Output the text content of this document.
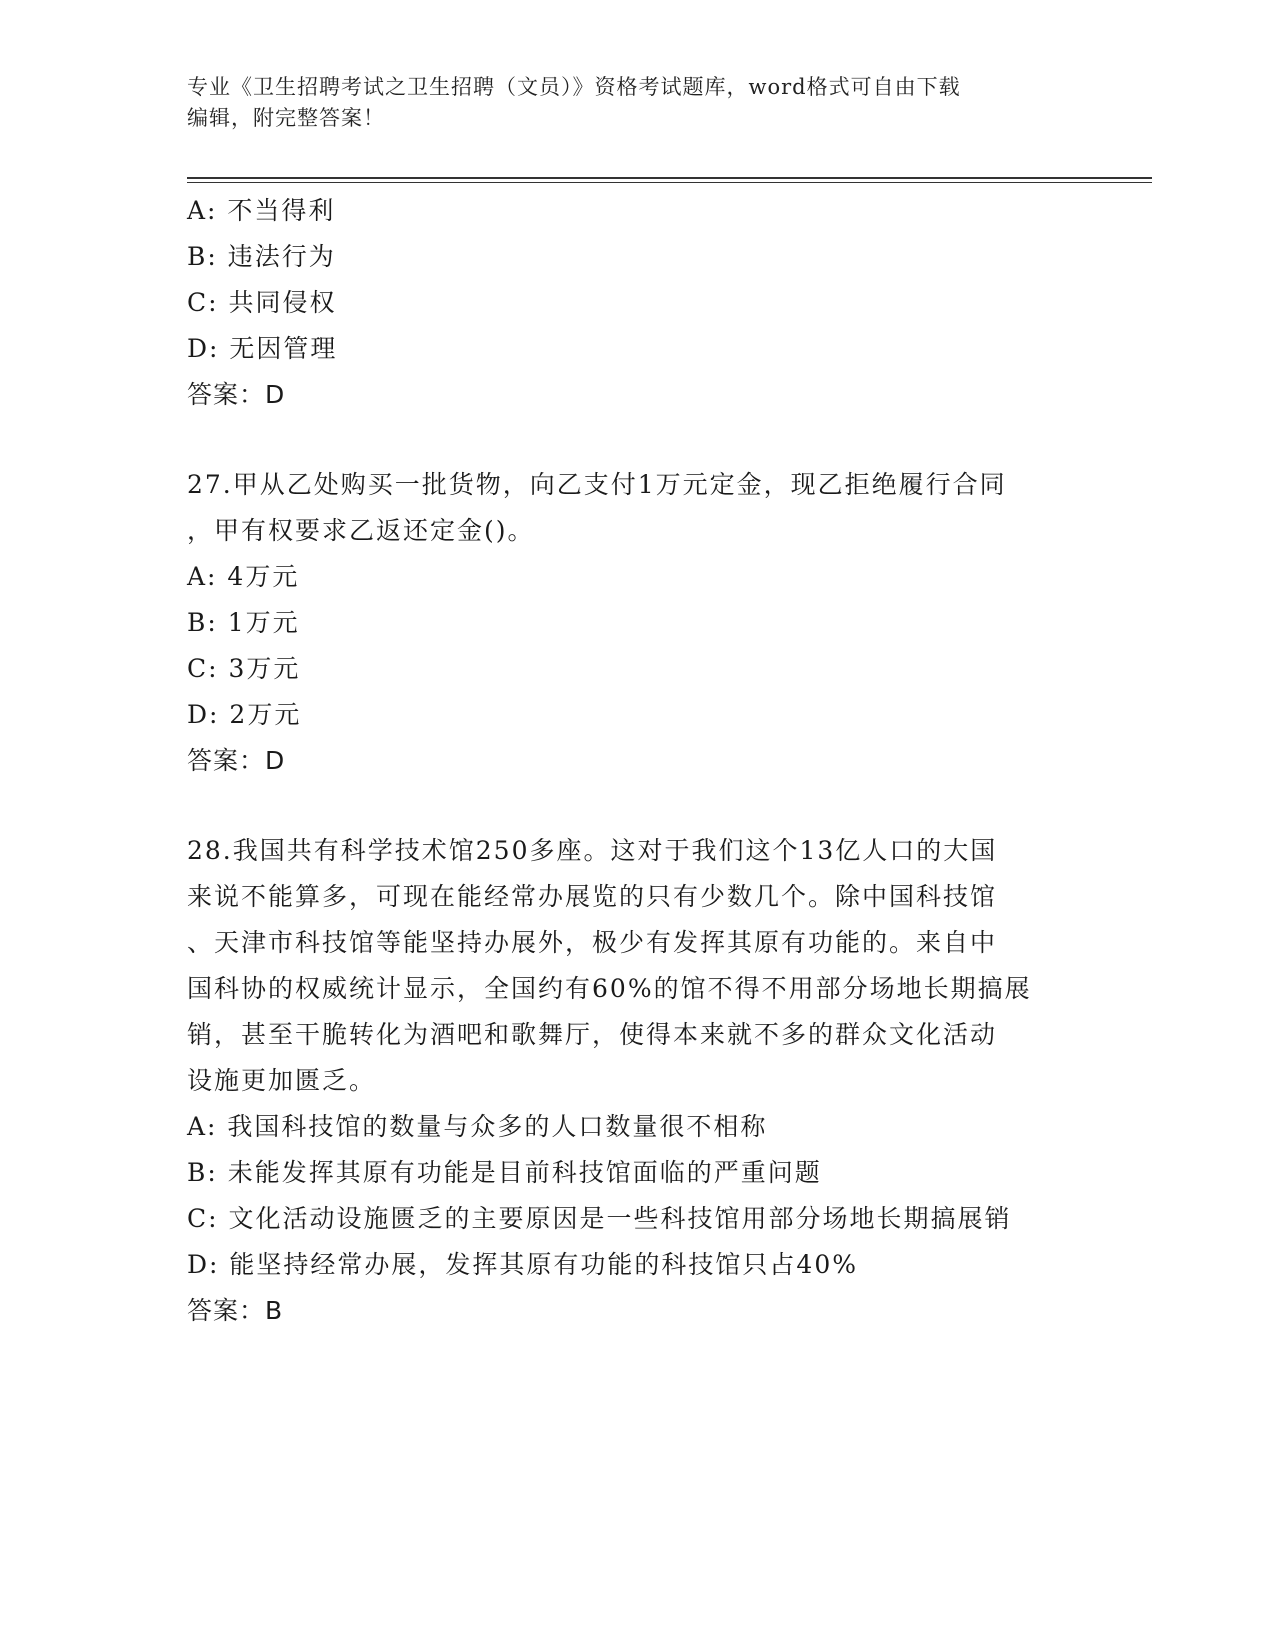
专业《卫生招聘考试之卫生招聘（文员）》资格考试题库，word格式可自由下载
编辑，附完整答案！
A: 不当得利
B: 违法行为
C: 共同侵权
D: 无因管理
答案：D
27.甲从乙处购买一批货物，向乙支付1万元定金，现乙拒绝履行合同
，甲有权要求乙返还定金()。
A: 4万元
B: 1万元
C: 3万元
D: 2万元
答案：D
28.我国共有科学技术馆250多座。这对于我们这个13亿人口的大国
来说不能算多，可现在能经常办展览的只有少数几个。除中国科技馆
、天津市科技馆等能坚持办展外，极少有发挥其原有功能的。来自中
国科协的权威统计显示，全国约有60%的馆不得不用部分场地长期搞展
销，甚至干脆转化为酒吧和歌舞厅，使得本来就不多的群众文化活动
设施更加匮乏。
A: 我国科技馆的数量与众多的人口数量很不相称
B: 未能发挥其原有功能是目前科技馆面临的严重问题
C: 文化活动设施匮乏的主要原因是一些科技馆用部分场地长期搞展销
D: 能坚持经常办展，发挥其原有功能的科技馆只占40%
答案：B
